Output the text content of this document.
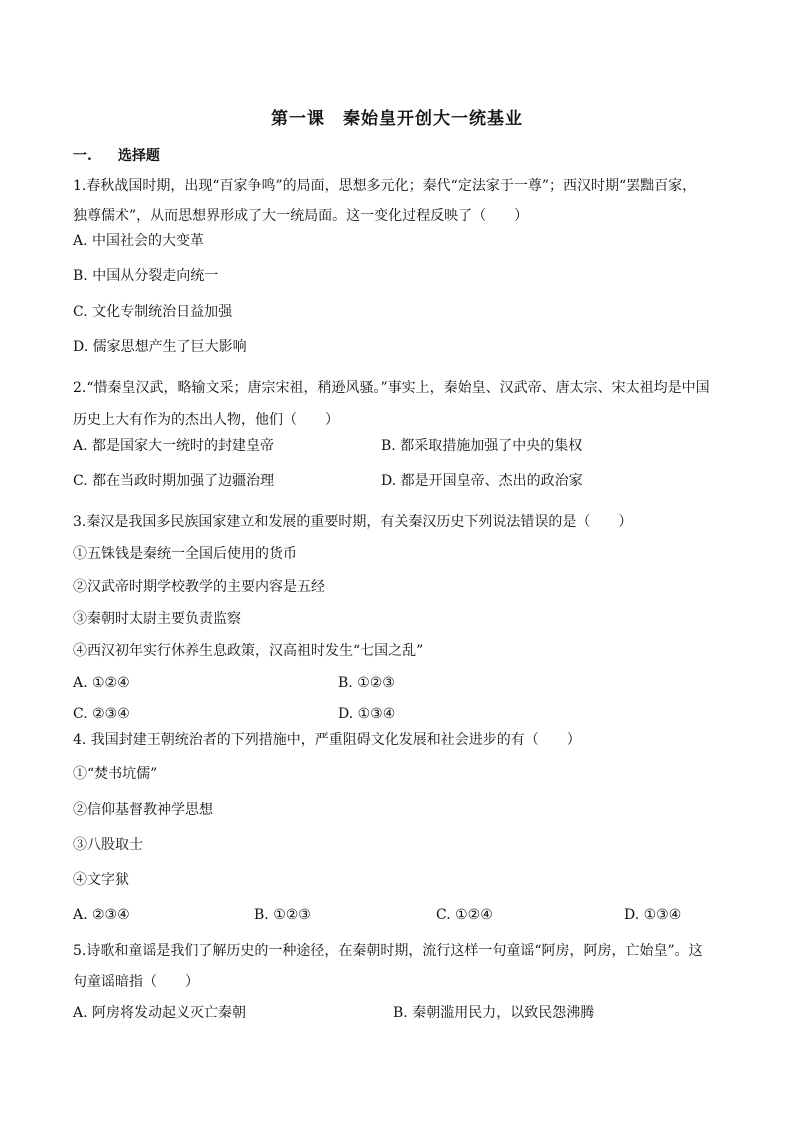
第一课　秦始皇开创大一统基业
一. 选择题
1.春秋战国时期，出现“百家争鸣”的局面，思想多元化；秦代“定法家于一尊”；西汉时期“罢黜百家，
独尊儒术”，从而思想界形成了大一统局面。这一变化过程反映了（　　）
A. 中国社会的大变革
B. 中国从分裂走向统一
C. 文化专制统治日益加强
D. 儒家思想产生了巨大影响
2.“惜秦皇汉武，略输文采；唐宗宋祖，稍逊风骚。”事实上，秦始皇、汉武帝、唐太宗、宋太祖均是中国
历史上大有作为的杰出人物，他们（　　）
A. 都是国家大一统时的封建皇帝	B. 都采取措施加强了中央的集权
C. 都在当政时期加强了边疆治理	D. 都是开国皇帝、杰出的政治家
3.秦汉是我国多民族国家建立和发展的重要时期，有关秦汉历史下列说法错误的是（　　）
①五铢钱是秦统一全国后使用的货币
②汉武帝时期学校教学的主要内容是五经
③秦朝时太尉主要负责监察
④西汉初年实行休养生息政策，汉高祖时发生“七国之乱”
A. ①②④	B. ①②③
C. ②③④	D. ①③④
4. 我国封建王朝统治者的下列措施中，严重阻碍文化发展和社会进步的有（　　）
①“焚书坑儒”
②信仰基督教神学思想
③八股取士
④文字狱
A. ②③④	B. ①②③	C. ①②④	D. ①③④
5.诗歌和童谣是我们了解历史的一种途径，在秦朝时期，流行这样一句童谣“阿房，阿房，亡始皇”。这
句童谣暗指（　　）
A. 阿房将发动起义灭亡秦朝	B. 秦朝滥用民力，以致民怨沸腾
